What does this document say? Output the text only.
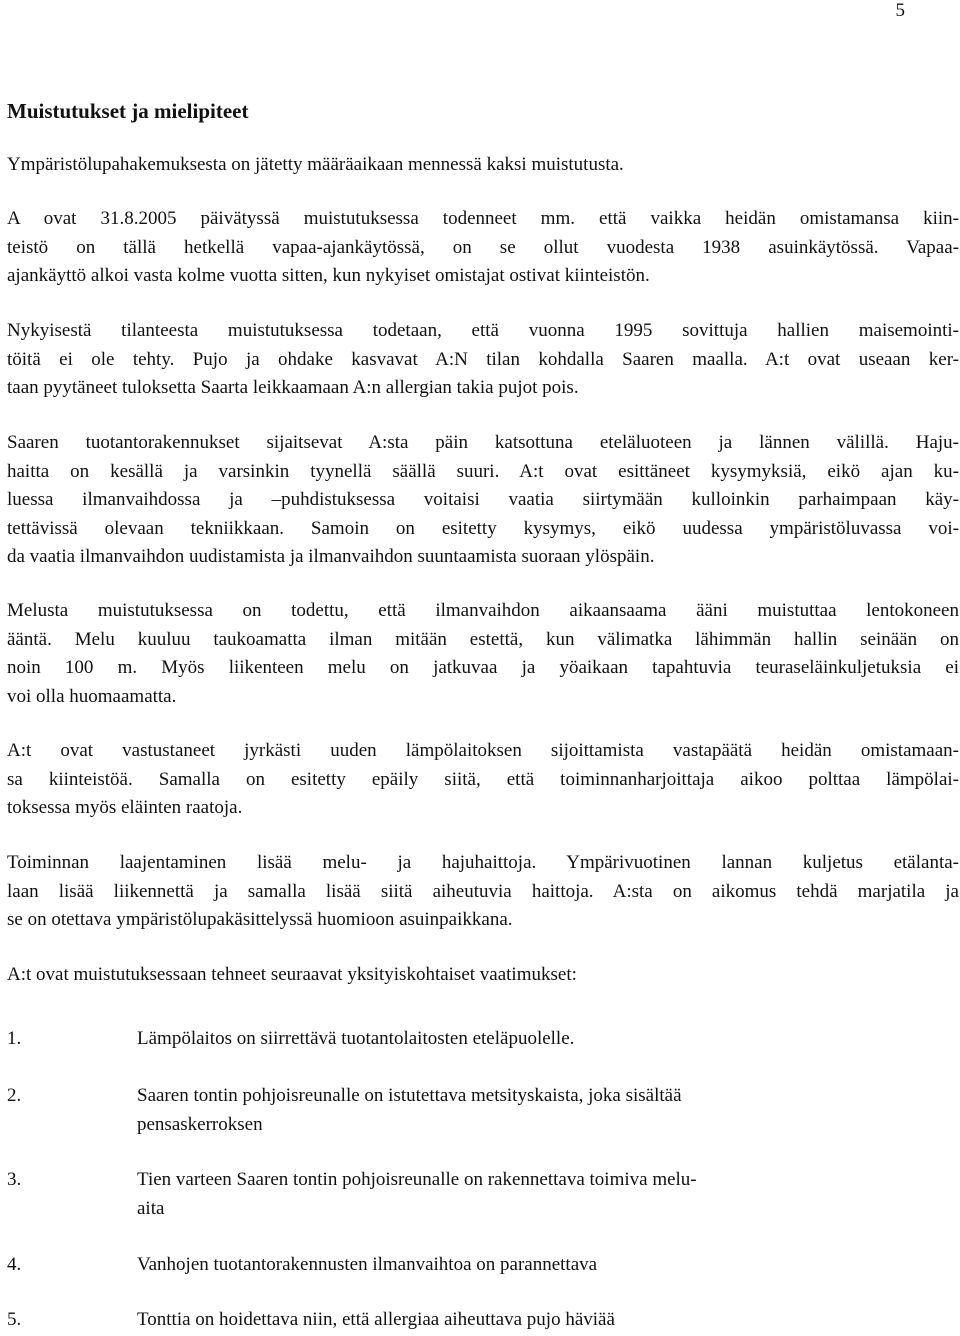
5
Muistutukset ja mielipiteet

Ympäristölupahakemuksesta on jätetty määräaikaan mennessä kaksi muistutusta.

A ovat 31.8.2005 päivätyssä muistutuksessa todenneet mm. että vaikka heidän omistamansa kiin-
teistö on tällä hetkellä vapaa-ajankäytössä, on se ollut vuodesta 1938 asuinkäytössä. Vapaa-
ajankäyttö alkoi vasta kolme vuotta sitten, kun nykyiset omistajat ostivat kiinteistön.

Nykyisestä tilanteesta muistutuksessa todetaan, että vuonna 1995 sovittuja hallien maisemointi-
töitä ei ole tehty. Pujo ja ohdake kasvavat A:N tilan kohdalla Saaren maalla. A:t ovat useaan ker-
taan pyytäneet tuloksetta Saarta leikkaamaan A:n allergian takia pujot pois.

Saaren tuotantorakennukset sijaitsevat A:sta päin katsottuna eteläluoteen ja lännen välillä. Haju-
haitta on kesällä ja varsinkin tyynellä säällä suuri. A:t ovat esittäneet kysymyksiä, eikö ajan ku-
luessa ilmanvaihdossa ja –puhdistuksessa voitaisi vaatia siirtymään kulloinkin parhaimpaan käy-
tettävissä olevaan tekniikkaan. Samoin on esitetty kysymys, eikö uudessa ympäristöluvassa voi-
da vaatia ilmanvaihdon uudistamista ja ilmanvaihdon suuntaamista suoraan ylöspäin.

Melusta muistutuksessa on todettu, että ilmanvaihdon aikaansaama ääni muistuttaa lentokoneen
ääntä. Melu kuuluu taukoamatta ilman mitään estettä, kun välimatka lähimmän hallin seinään on
noin 100 m. Myös liikenteen melu on jatkuvaa ja yöaikaan tapahtuvia teuraseläinkuljetuksia ei
voi olla huomaamatta.

A:t ovat vastustaneet jyrkästi uuden lämpölaitoksen sijoittamista vastapäätä heidän omistamaan-
sa kiinteistöä. Samalla on esitetty epäily siitä, että toiminnanharjoittaja aikoo polttaa lämpölai-
toksessa myös eläinten raatoja.

Toiminnan laajentaminen lisää melu- ja hajuhaittoja. Ympärivuotinen lannan kuljetus etälanta-
laan lisää liikennettä ja samalla lisää siitä aiheutuvia haittoja. A:sta on aikomus tehdä marjatila ja
se on otettava ympäristölupakäsittelyssä huomioon asuinpaikkana.

A:t ovat muistutuksessaan tehneet seuraavat yksityiskohtaiset vaatimukset:

1.	Lämpölaitos on siirrettävä tuotantolaitosten eteläpuolelle.
2.	Saaren tontin pohjoisreunalle on istutettava metsityskaista, joka sisältää
pensaskerroksen
3.	Tien varteen Saaren tontin pohjoisreunalle on rakennettava toimiva melu-
aita
4.	Vanhojen tuotantorakennusten ilmanvaihtoa on parannettava
5.	Tonttia on hoidettava niin, että allergiaa aiheuttava pujo häviää
